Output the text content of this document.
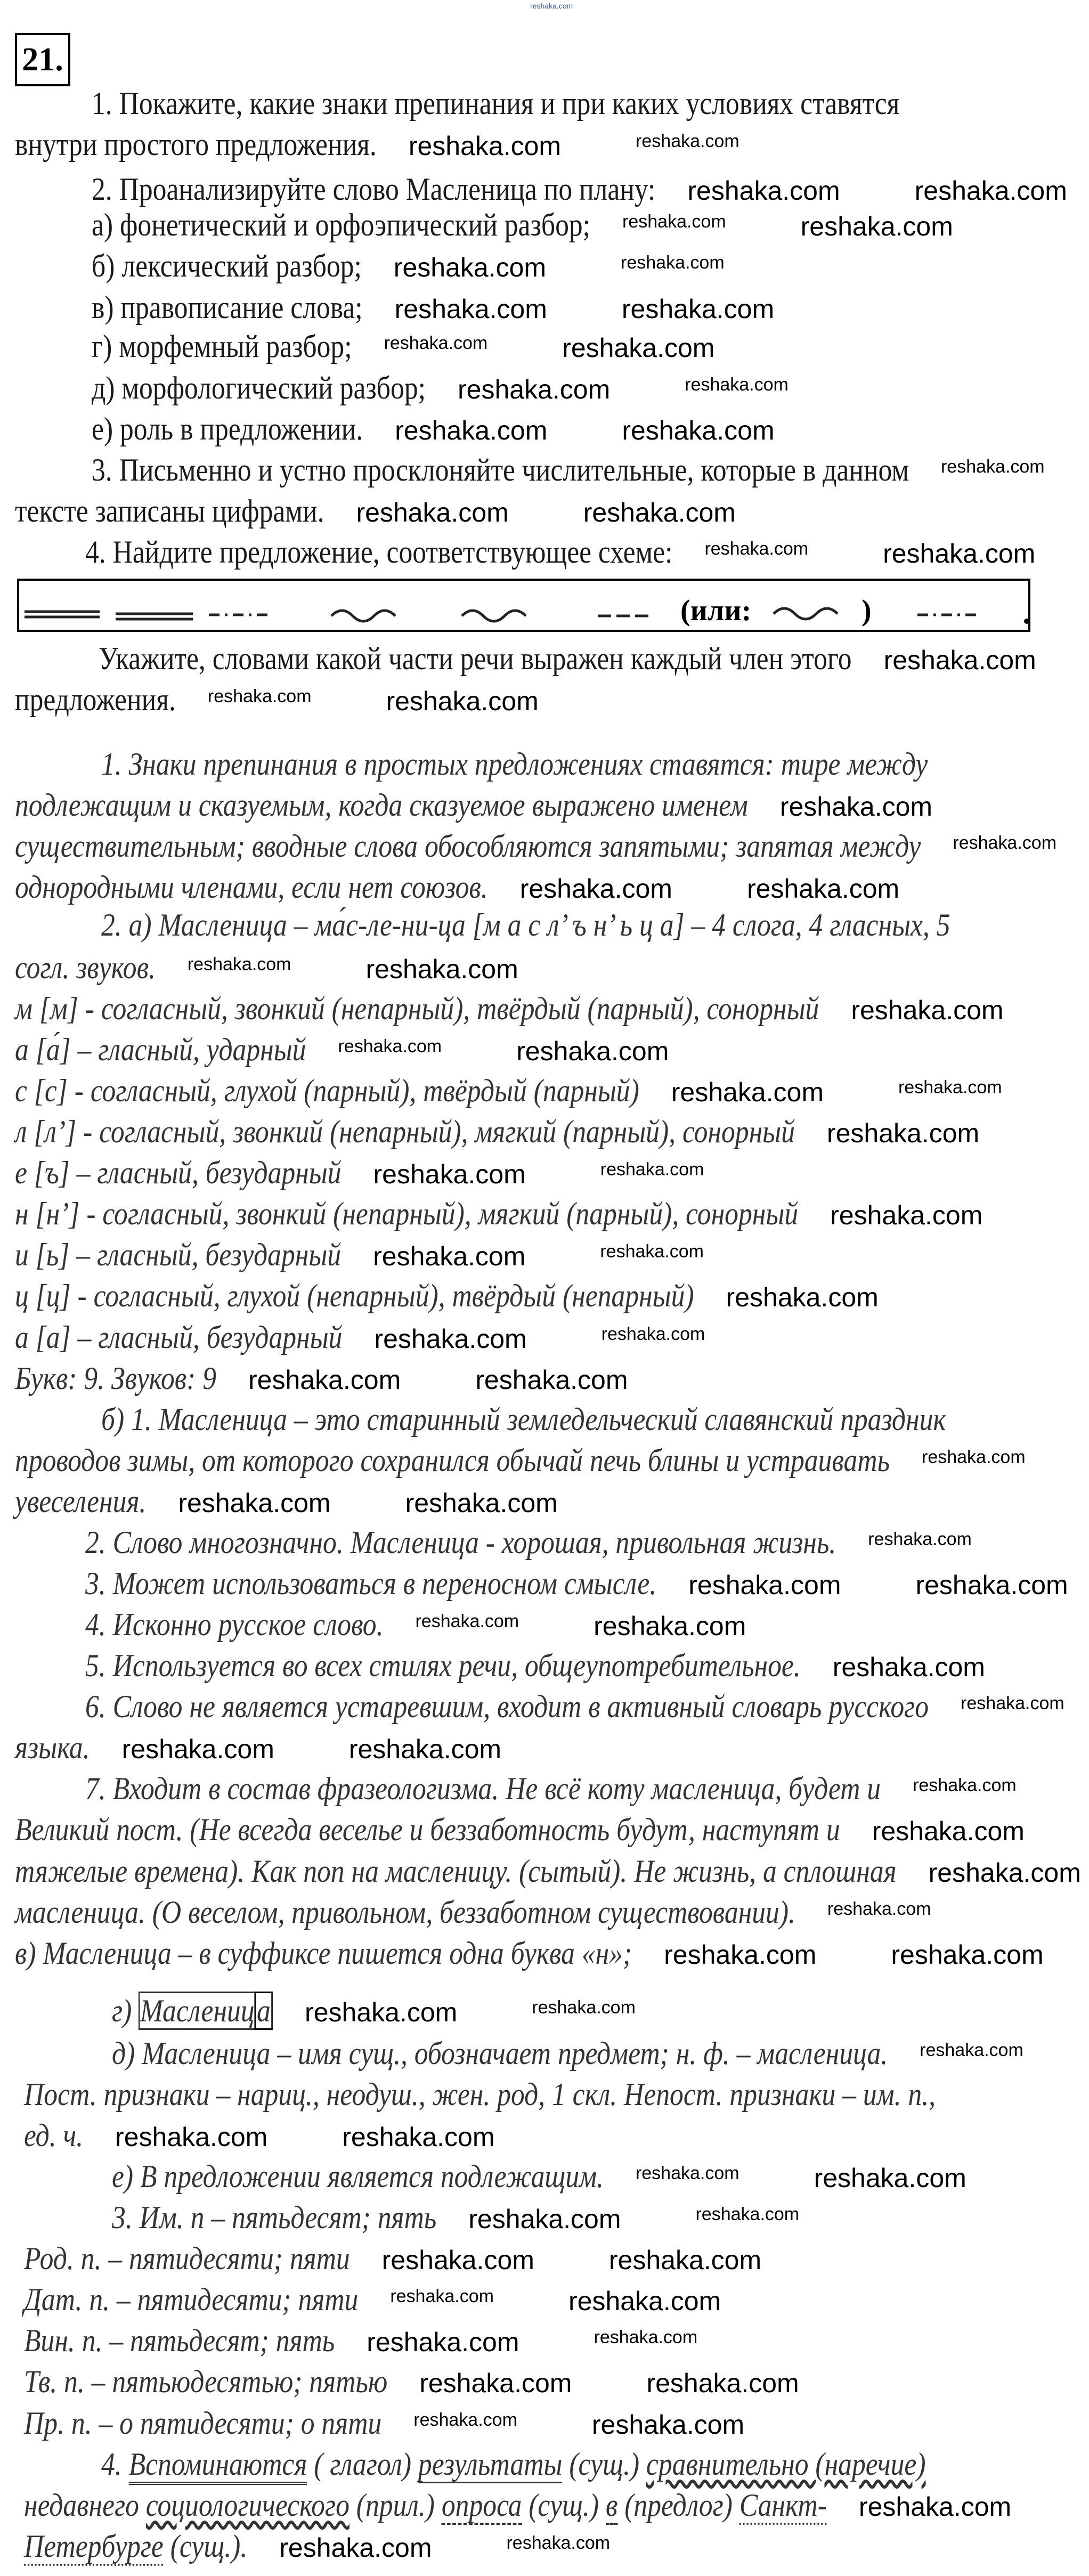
reshaka.com
21.
(или:	)
reshaka.com	reshaka.com
reshaka.com	reshaka.com
reshaka.com	reshaka.com
reshaka.com	reshaka.com
reshaka.com	reshaka.com
reshaka.com	reshaka.com
reshaka.com	reshaka.com
reshaka.com	reshaka.com
reshaka.com
reshaka.com	reshaka.com
reshaka.com	reshaka.com
reshaka.com
reshaka.com	reshaka.com
reshaka.com
reshaka.com
reshaka.com	reshaka.com
reshaka.com	reshaka.com
reshaka.com
reshaka.com	reshaka.com
reshaka.com	reshaka.com
reshaka.com
reshaka.com	reshaka.com
reshaka.com
reshaka.com	reshaka.com
reshaka.com
reshaka.com	reshaka.com
reshaka.com	reshaka.com
reshaka.com
reshaka.com	reshaka.com
reshaka.com
reshaka.com	reshaka.com
reshaka.com	reshaka.com
reshaka.com
reshaka.com
reshaka.com	reshaka.com
reshaka.com
reshaka.com
reshaka.com
reshaka.com
reshaka.com	reshaka.com
reshaka.com
reshaka.com	reshaka.com
reshaka.com	reshaka.com
reshaka.com	reshaka.com
reshaka.com	reshaka.com
reshaka.com	reshaka.com
reshaka.com	reshaka.com
reshaka.com	reshaka.com
reshaka.com	reshaka.com
reshaka.com	reshaka.com
reshaka.com
reshaka.com	reshaka.com
1. Покажите, какие знаки препинания и при каких условиях ставятся
внутри простого предложения.
2. Проанализируйте слово Масленица по плану:
а) фонетический и орфоэпический разбор;
б) лексический разбор;
в) правописание слова;
г) морфемный разбор;
д) морфологический разбор;
е) роль в предложении.
3. Письменно и устно просклоняйте числительные, которые в данном
тексте записаны цифрами.
4. Найдите предложение, соответствующее схеме:
Укажите, словами какой части речи выражен каждый член этого
предложения.
1. Знаки препинания в простых предложениях ставятся: тире между
подлежащим и сказуемым, когда сказуемое выражено именем
существительным; вводные слова обособляются запятыми; запятая между
однородными членами, если нет союзов.
2. а) Масленица – ма́с-ле-ни-ца [м а с л’ ъ н’ ь ц а] – 4 слога, 4 гласных, 5
согл. звуков.
м [м] - согласный, звонкий (непарный), твёрдый (парный), сонорный
а [а́] – гласный, ударный
с [с] - согласный, глухой (парный), твёрдый (парный)
л [л’] - согласный, звонкий (непарный), мягкий (парный), сонорный
е [ъ] – гласный, безударный
н [н’] - согласный, звонкий (непарный), мягкий (парный), сонорный
и [ь] – гласный, безударный
ц [ц] - согласный, глухой (непарный), твёрдый (непарный)
а [а] – гласный, безударный
Букв: 9. Звуков: 9
б) 1. Масленица – это старинный земледельческий славянский праздник
проводов зимы, от которого сохранился обычай печь блины и устраивать
увеселения.
2. Слово многозначно. Масленица - хорошая, привольная жизнь.
3. Может использоваться в переносном смысле.
4. Исконно русское слово.
5. Используется во всех стилях речи, общеупотребительное.
6. Слово не является устаревшим, входит в активный словарь русского
языка.
7. Входит в состав фразеологизма. Не всё коту масленица, будет и
Великий пост. (Не всегда веселье и беззаботность будут, наступят и
тяжелые времена). Как поп на масленицу. (сытый). Не жизнь, а сплошная
масленица. (О веселом, привольном, беззаботном существовании).
в) Масленица – в суффиксе пишется одна буква «н»;
д) Масленица – имя сущ., обозначает предмет; н. ф. – масленица.
Пост. признаки – нариц., неодуш., жен. род, 1 скл. Непост. признаки – им. п.,
ед. ч.
е) В предложении является подлежащим.
3. Им. п – пятьдесят; пять
Род. п. – пятидесяти; пяти
Дат. п. – пятидесяти; пяти
Вин. п. – пятьдесят; пять
Тв. п. – пятьюдесятью; пятью
Пр. п. – о пятидесяти; о пяти
г) Масленица
4. Вспоминаются ( глагол) результаты (сущ.) сравнительно (наречие)
недавнего социологического (прил.) опроса (сущ.) в (предлог) Санкт-
Петербурге (сущ.).
